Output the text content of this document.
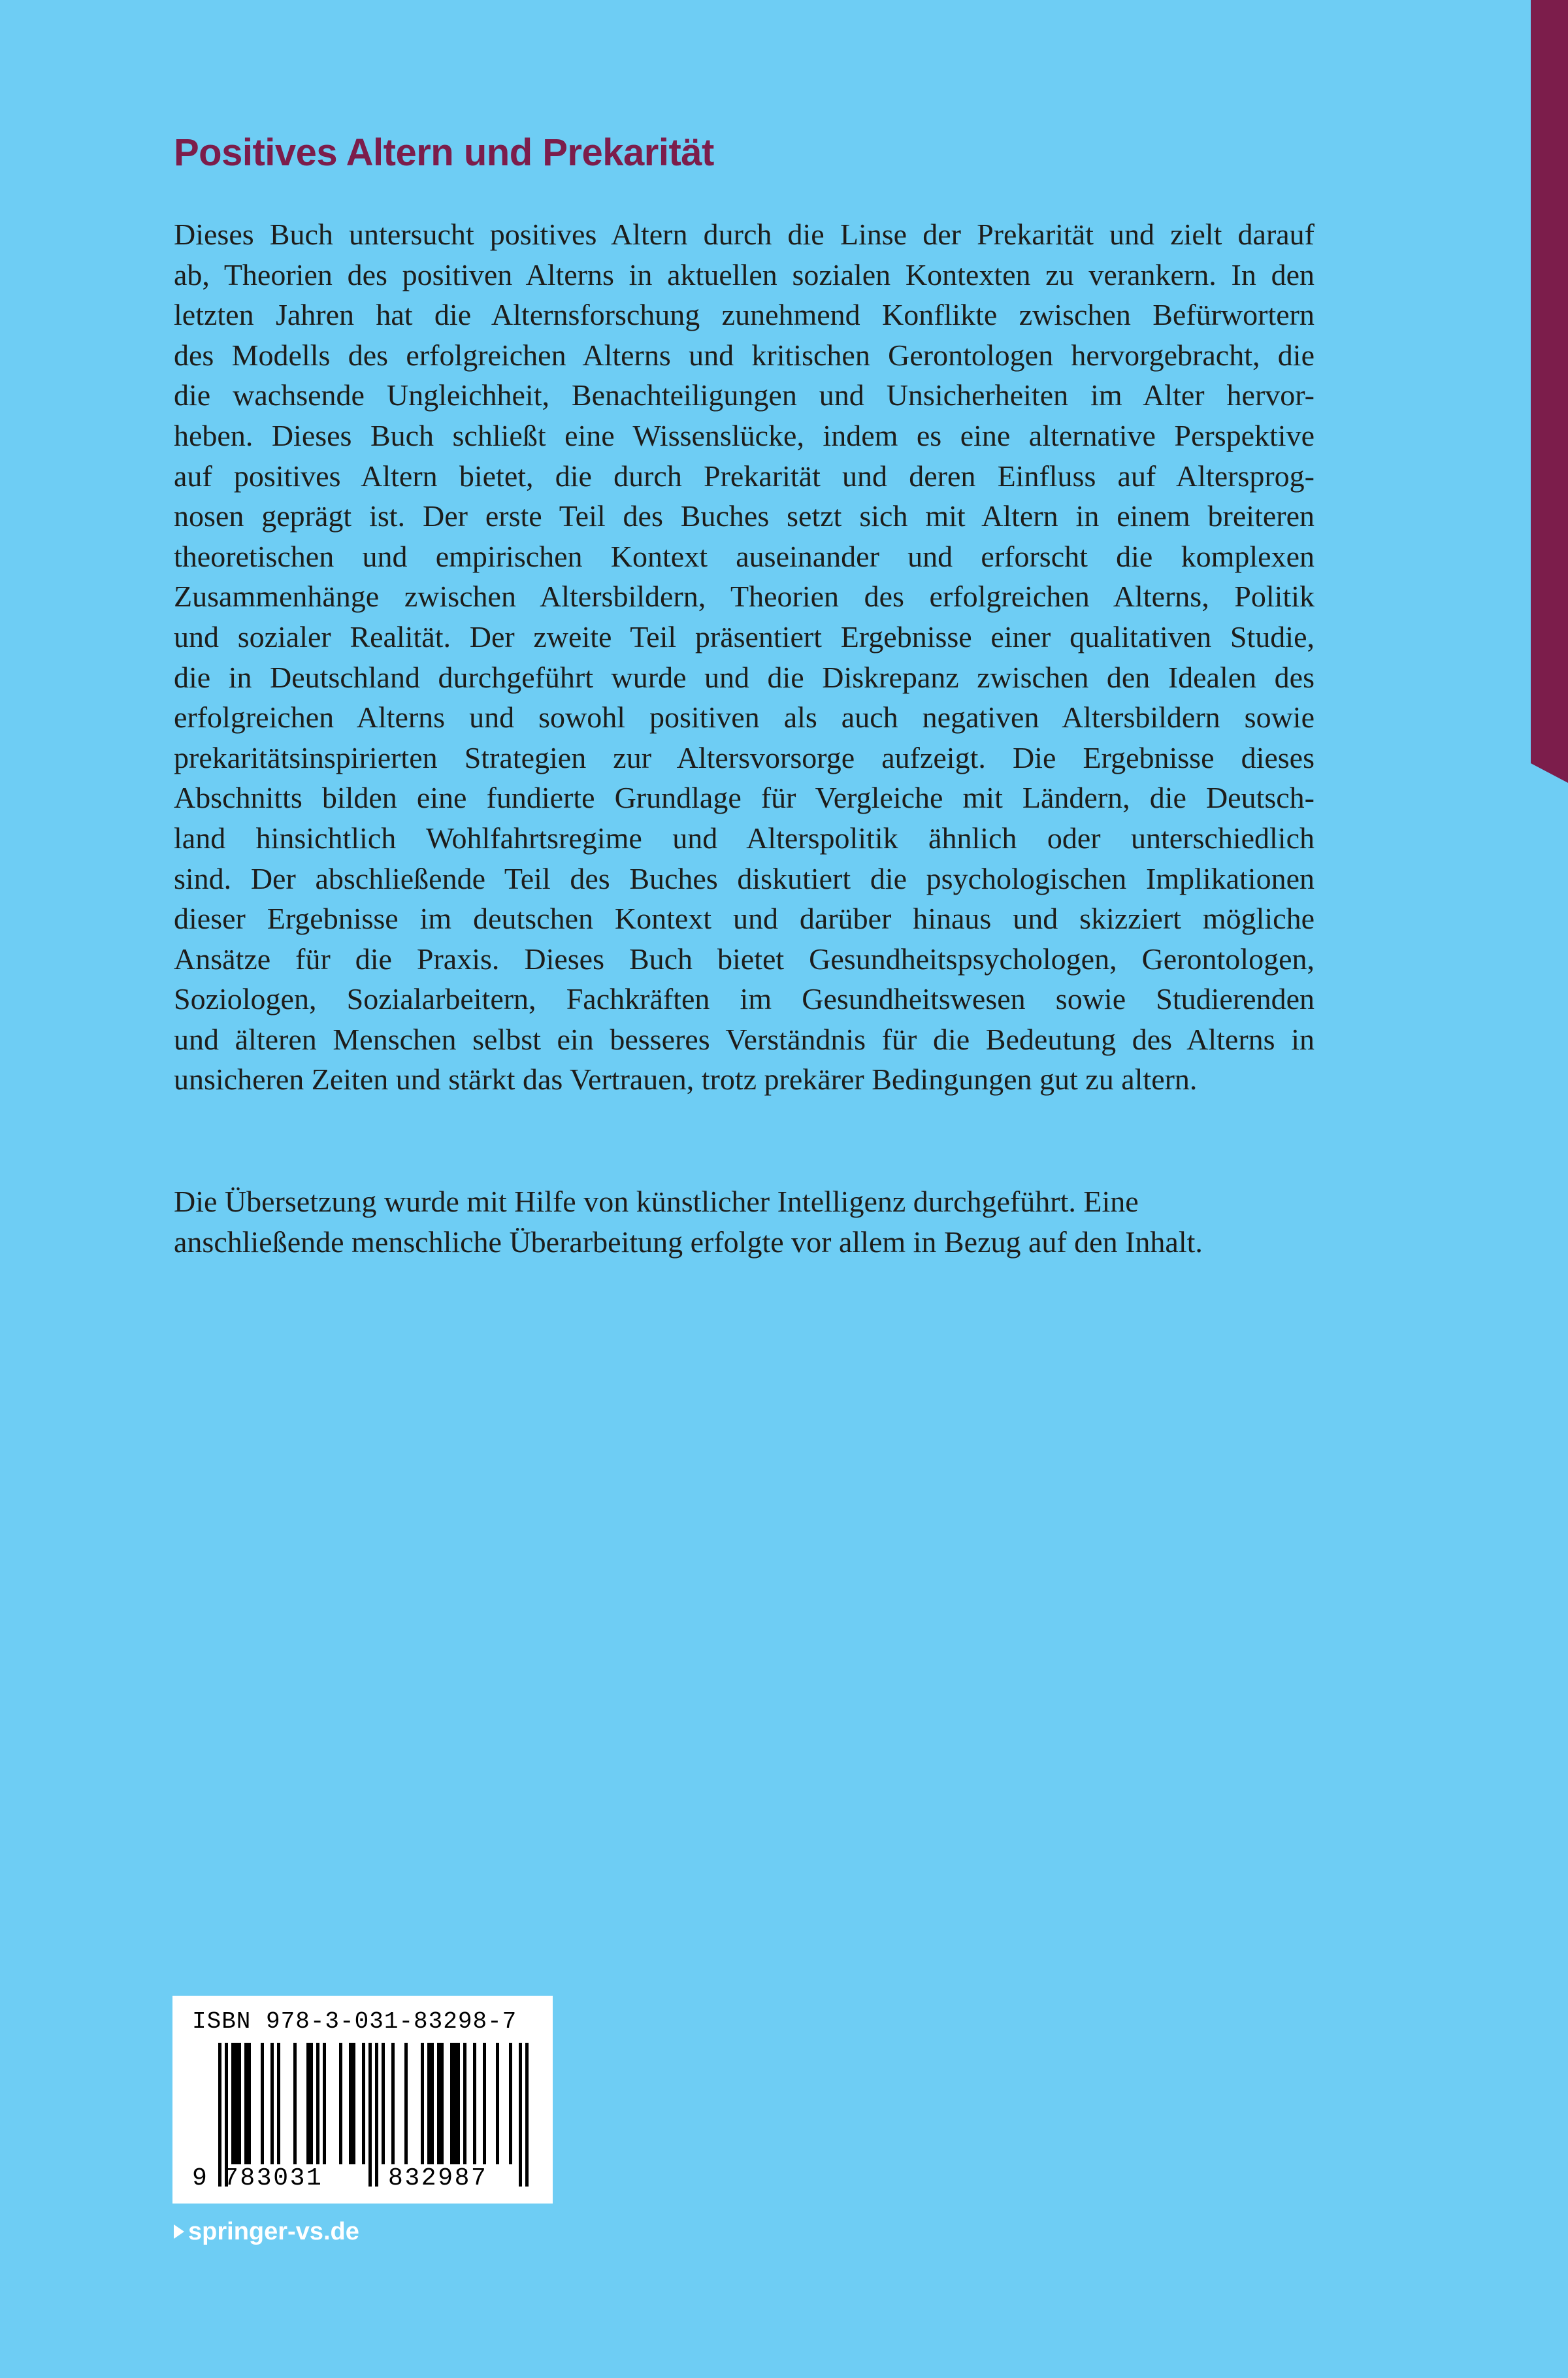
Positives Altern und Prekarität
Dieses Buch untersucht positives Altern durch die Linse der Prekarität und zielt darauf
ab, Theorien des positiven Alterns in aktuellen sozialen Kontexten zu verankern. In den
letzten Jahren hat die Alternsforschung zunehmend Konflikte zwischen Befürwortern
des Modells des erfolgreichen Alterns und kritischen Gerontologen hervorgebracht, die
die wachsende Ungleichheit, Benachteiligungen und Unsicherheiten im Alter hervor-
heben. Dieses Buch schließt eine Wissenslücke, indem es eine alternative Perspektive
auf positives Altern bietet, die durch Prekarität und deren Einfluss auf Altersprog-
nosen geprägt ist. Der erste Teil des Buches setzt sich mit Altern in einem breiteren
theoretischen und empirischen Kontext auseinander und erforscht die komplexen
Zusammenhänge zwischen Altersbildern, Theorien des erfolgreichen Alterns, Politik
und sozialer Realität. Der zweite Teil präsentiert Ergebnisse einer qualitativen Studie,
die in Deutschland durchgeführt wurde und die Diskrepanz zwischen den Idealen des
erfolgreichen Alterns und sowohl positiven als auch negativen Altersbildern sowie
prekaritätsinspirierten Strategien zur Altersvorsorge aufzeigt. Die Ergebnisse dieses
Abschnitts bilden eine fundierte Grundlage für Vergleiche mit Ländern, die Deutsch-
land hinsichtlich Wohlfahrtsregime und Alterspolitik ähnlich oder unterschiedlich
sind. Der abschließende Teil des Buches diskutiert die psychologischen Implikationen
dieser Ergebnisse im deutschen Kontext und darüber hinaus und skizziert mögliche
Ansätze für die Praxis. Dieses Buch bietet Gesundheitspsychologen, Gerontologen,
Soziologen, Sozialarbeitern, Fachkräften im Gesundheitswesen sowie Studierenden
und älteren Menschen selbst ein besseres Verständnis für die Bedeutung des Alterns in
unsicheren Zeiten und stärkt das Vertrauen, trotz prekärer Bedingungen gut zu altern.
Die Übersetzung wurde mit Hilfe von künstlicher Intelligenz durchgeführt. Eine
anschließende menschliche Überarbeitung erfolgte vor allem in Bezug auf den Inhalt.
ISBN 978-3-031-83298-7
9 783031	832987
springer-vs.de
